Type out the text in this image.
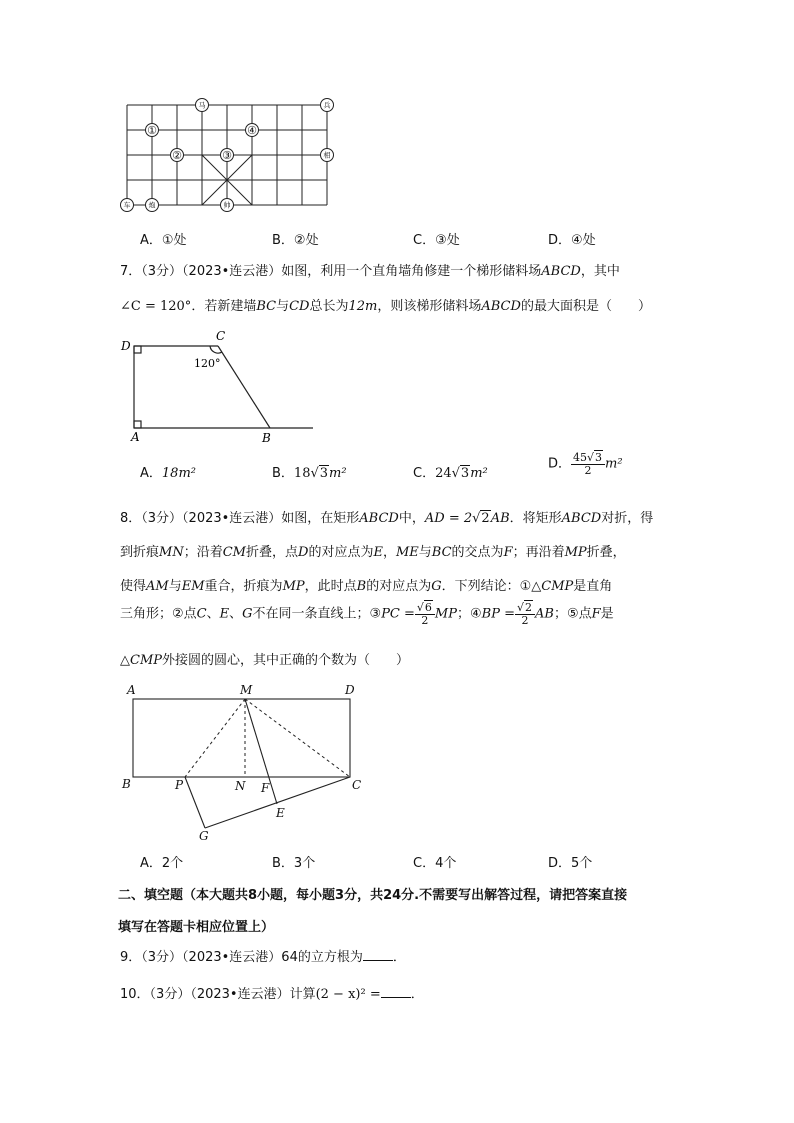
马	兵
相
车	炮	帅
①	④
②	③
A．①处	B．②处	C．③处	D．④处
7．（3分）（2023•连云港）如图，利用一个直角墙角修建一个梯形储料场ABCD，其中
∠C = 120°．若新建墙BC与CD总长为12m，则该梯形储料场ABCD的最大面积是（　　）
D
C
120°
A	B
A．18m²	B．18√3m²	C．24√3m²
D． $\frac{45√3}{2} m^2$
8．（3分）（2023•连云港）如图，在矩形ABCD中，AD = 2√2AB．将矩形ABCD对折，得
到折痕MN；沿着CM折叠，点D的对应点为E，ME与BC的交点为F；再沿着MP折叠，
使得AM与EM重合，折痕为MP，此时点B的对应点为G．下列结论：①△CMP是直角
三角形；②点C、E、G不在同一条直线上；③PC = $\frac{√6}{2}$ MP；④BP = $\frac{√2}{2}$ AB；⑤点F是
△CMP外接圆的圆心，其中正确的个数为（　　）
A	M	D
B	P	N F	C
E
G
A．2个	B．3个	C．4个	D．5个
二、填空题（本大题共8小题，每小题3分，共24分.不需要写出解答过程，请把答案直接
填写在答题卡相应位置上）
9．（3分）（2023•连云港）64的立方根为 ．
10．（3分）（2023•连云港）计算(2 − x)² = ．
